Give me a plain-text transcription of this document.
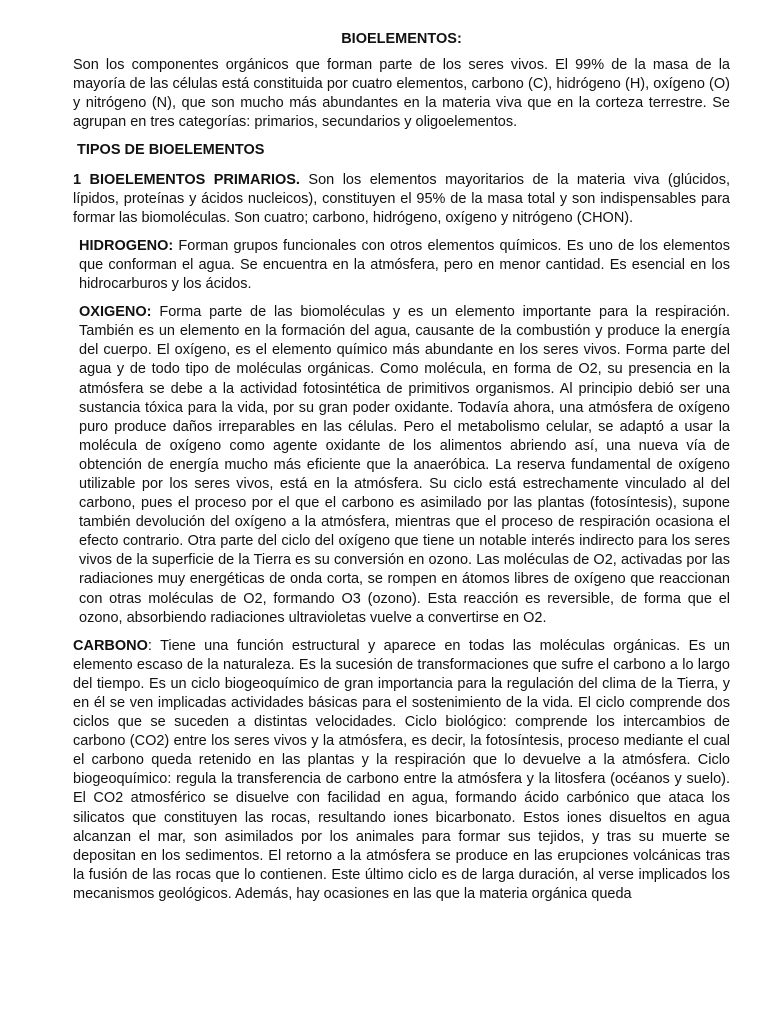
BIOELEMENTOS:

Son los componentes orgánicos que forman parte de los seres vivos. El 99% de la masa de la mayoría de las células está constituida por cuatro elementos, carbono (C), hidrógeno (H), oxígeno (O) y nitrógeno (N), que son mucho más abundantes en la materia viva que en la corteza terrestre. Se agrupan en tres categorías: primarios, secundarios y oligoelementos.

TIPOS DE BIOELEMENTOS

1 BIOELEMENTOS PRIMARIOS. Son los elementos mayoritarios de la materia viva (glúcidos, lípidos, proteínas y ácidos nucleicos), constituyen el 95% de la masa total y son indispensables para formar las biomoléculas. Son cuatro; carbono, hidrógeno, oxígeno y nitrógeno (CHON).

HIDROGENO: Forman grupos funcionales con otros elementos químicos. Es uno de los elementos que conforman el agua. Se encuentra en la atmósfera, pero en menor cantidad. Es esencial en los hidrocarburos y los ácidos.

OXIGENO: Forma parte de las biomoléculas y es un elemento importante para la respiración. También es un elemento en la formación del agua, causante de la combustión y produce la energía del cuerpo. El oxígeno, es el elemento químico más abundante en los seres vivos. Forma parte del agua y de todo tipo de moléculas orgánicas. Como molécula, en forma de O2, su presencia en la atmósfera se debe a la actividad fotosintética de primitivos organismos. Al principio debió ser una sustancia tóxica para la vida, por su gran poder oxidante. Todavía ahora, una atmósfera de oxígeno puro produce daños irreparables en las células. Pero el metabolismo celular, se adaptó a usar la molécula de oxígeno como agente oxidante de los alimentos abriendo así, una nueva vía de obtención de energía mucho más eficiente que la anaeróbica. La reserva fundamental de oxígeno utilizable por los seres vivos, está en la atmósfera. Su ciclo está estrechamente vinculado al del carbono, pues el proceso por el que el carbono es asimilado por las plantas (fotosíntesis), supone también devolución del oxígeno a la atmósfera, mientras que el proceso de respiración ocasiona el efecto contrario. Otra parte del ciclo del oxígeno que tiene un notable interés indirecto para los seres vivos de la superficie de la Tierra es su conversión en ozono. Las moléculas de O2, activadas por las radiaciones muy energéticas de onda corta, se rompen en átomos libres de oxígeno que reaccionan con otras moléculas de O2, formando O3 (ozono). Esta reacción es reversible, de forma que el ozono, absorbiendo radiaciones ultravioletas vuelve a convertirse en O2.

CARBONO: Tiene una función estructural y aparece en todas las moléculas orgánicas. Es un elemento escaso de la naturaleza. Es la sucesión de transformaciones que sufre el carbono a lo largo del tiempo. Es un ciclo biogeoquímico de gran importancia para la regulación del clima de la Tierra, y en él se ven implicadas actividades básicas para el sostenimiento de la vida. El ciclo comprende dos ciclos que se suceden a distintas velocidades. Ciclo biológico: comprende los intercambios de carbono (CO2) entre los seres vivos y la atmósfera, es decir, la fotosíntesis, proceso mediante el cual el carbono queda retenido en las plantas y la respiración que lo devuelve a la atmósfera. Ciclo biogeoquímico: regula la transferencia de carbono entre la atmósfera y la litosfera (océanos y suelo). El CO2 atmosférico se disuelve con facilidad en agua, formando ácido carbónico que ataca los silicatos que constituyen las rocas, resultando iones bicarbonato. Estos iones disueltos en agua alcanzan el mar, son asimilados por los animales para formar sus tejidos, y tras su muerte se depositan en los sedimentos. El retorno a la atmósfera se produce en las erupciones volcánicas tras la fusión de las rocas que lo contienen. Este último ciclo es de larga duración, al verse implicados los mecanismos geológicos. Además, hay ocasiones en las que la materia orgánica queda
